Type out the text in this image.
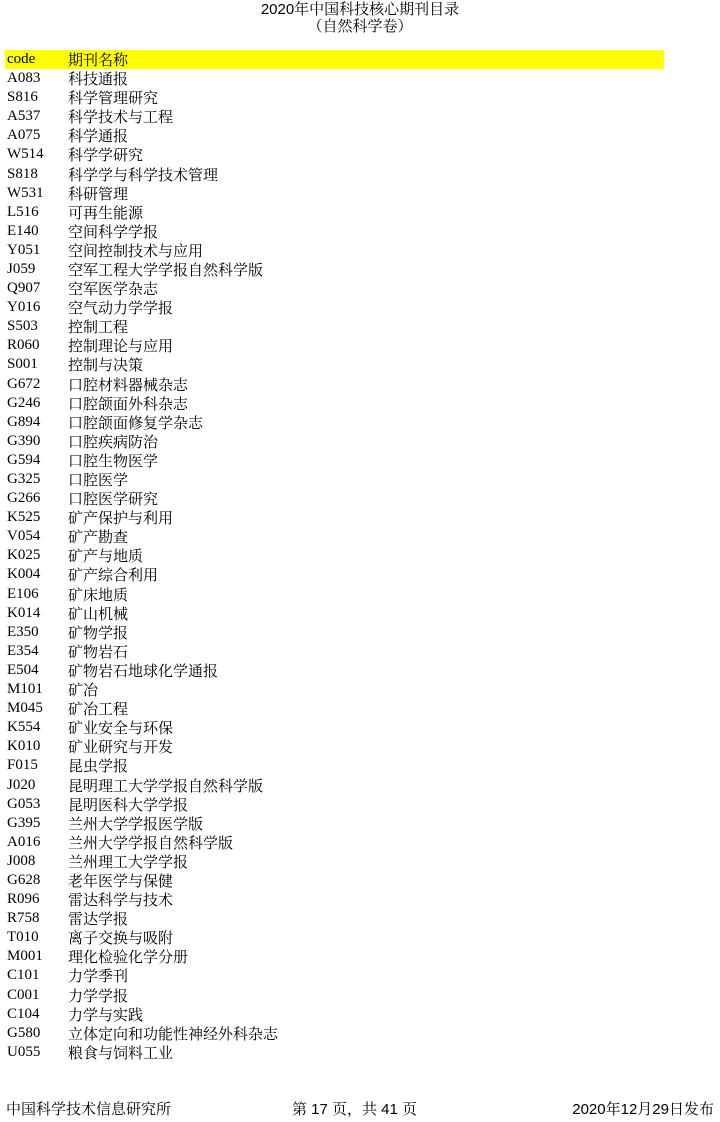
2020年中国科技核心期刊目录
（自然科学卷）
code	期刊名称
A083	科技通报
S816	科学管理研究
A537	科学技术与工程
A075	科学通报
W514	科学学研究
S818	科学学与科学技术管理
W531	科研管理
L516	可再生能源
E140	空间科学学报
Y051	空间控制技术与应用
J059	空军工程大学学报自然科学版
Q907	空军医学杂志
Y016	空气动力学学报
S503	控制工程
R060	控制理论与应用
S001	控制与决策
G672	口腔材料器械杂志
G246	口腔颌面外科杂志
G894	口腔颌面修复学杂志
G390	口腔疾病防治
G594	口腔生物医学
G325	口腔医学
G266	口腔医学研究
K525	矿产保护与利用
V054	矿产勘查
K025	矿产与地质
K004	矿产综合利用
E106	矿床地质
K014	矿山机械
E350	矿物学报
E354	矿物岩石
E504	矿物岩石地球化学通报
M101	矿冶
M045	矿冶工程
K554	矿业安全与环保
K010	矿业研究与开发
F015	昆虫学报
J020	昆明理工大学学报自然科学版
G053	昆明医科大学学报
G395	兰州大学学报医学版
A016	兰州大学学报自然科学版
J008	兰州理工大学学报
G628	老年医学与保健
R096	雷达科学与技术
R758	雷达学报
T010	离子交换与吸附
M001	理化检验化学分册
C101	力学季刊
C001	力学学报
C104	力学与实践
G580	立体定向和功能性神经外科杂志
U055	粮食与饲料工业
中国科学技术信息研究所	第 17 页，共 41 页	2020年12月29日发布
